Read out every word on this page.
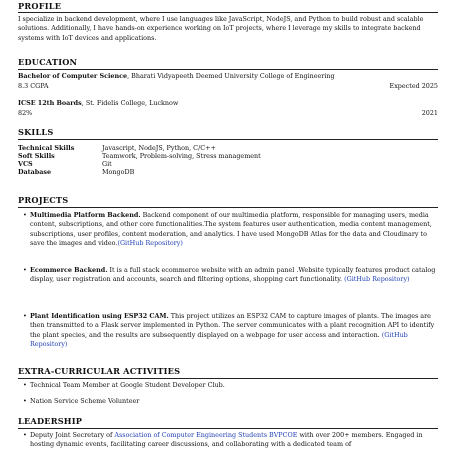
PROFILE
I specialize in backend development, where I use languages like JavaScript, NodeJS, and Python to build robust and scalable solutions. Additionally, I have hands-on experience working on IoT projects, where I leverage my skills to integrate backend systems with IoT devices and applications.
EDUCATION
Bachelor of Computer Science, Bharati Vidyapeeth Deemed University College of Engineering
8.3 CGPA	Expected 2025
ICSE 12th Boards, St. Fidelis College, Lucknow
82%	2021
SKILLS
Technical Skills	Javascript, NodeJS, Python, C/C++
Soft Skills	Teamwork, Problem-solving, Stress management
VCS	Git
Database	MongoDB
PROJECTS
• Multimedia Platform Backend. Backend component of our multimedia platform, responsible for managing users, media content, subscriptions, and other core functionalities.The system features user authentication, media content management, subscriptions, user profiles, content moderation, and analytics. I have used MongoDB Atlas for the data and Cloudinary to save the images and video.(GitHub Repository)
• Ecommerce Backend. It is a full stack ecommerce website with an admin panel .Website typically features product catalog display, user registration and accounts, search and filtering options, shopping cart functionality. (GitHub Repository)
• Plant Identification using ESP32 CAM. This project utilizes an ESP32 CAM to capture images of plants. The images are then transmitted to a Flask server implemented in Python. The server communicates with a plant recognition API to identify the plant species, and the results are subsequently displayed on a webpage for user access and interaction. (GitHub Repository)
EXTRA-CURRICULAR ACTIVITIES
• Technical Team Member at Google Student Developer Club.
• Nation Service Scheme Volunteer
LEADERSHIP
• Deputy Joint Secretary of Association of Computer Engineering Students BVPCOE with over 200+ members. Engaged in hosting dynamic events, facilitating career discussions, and collaborating with a dedicated team of
